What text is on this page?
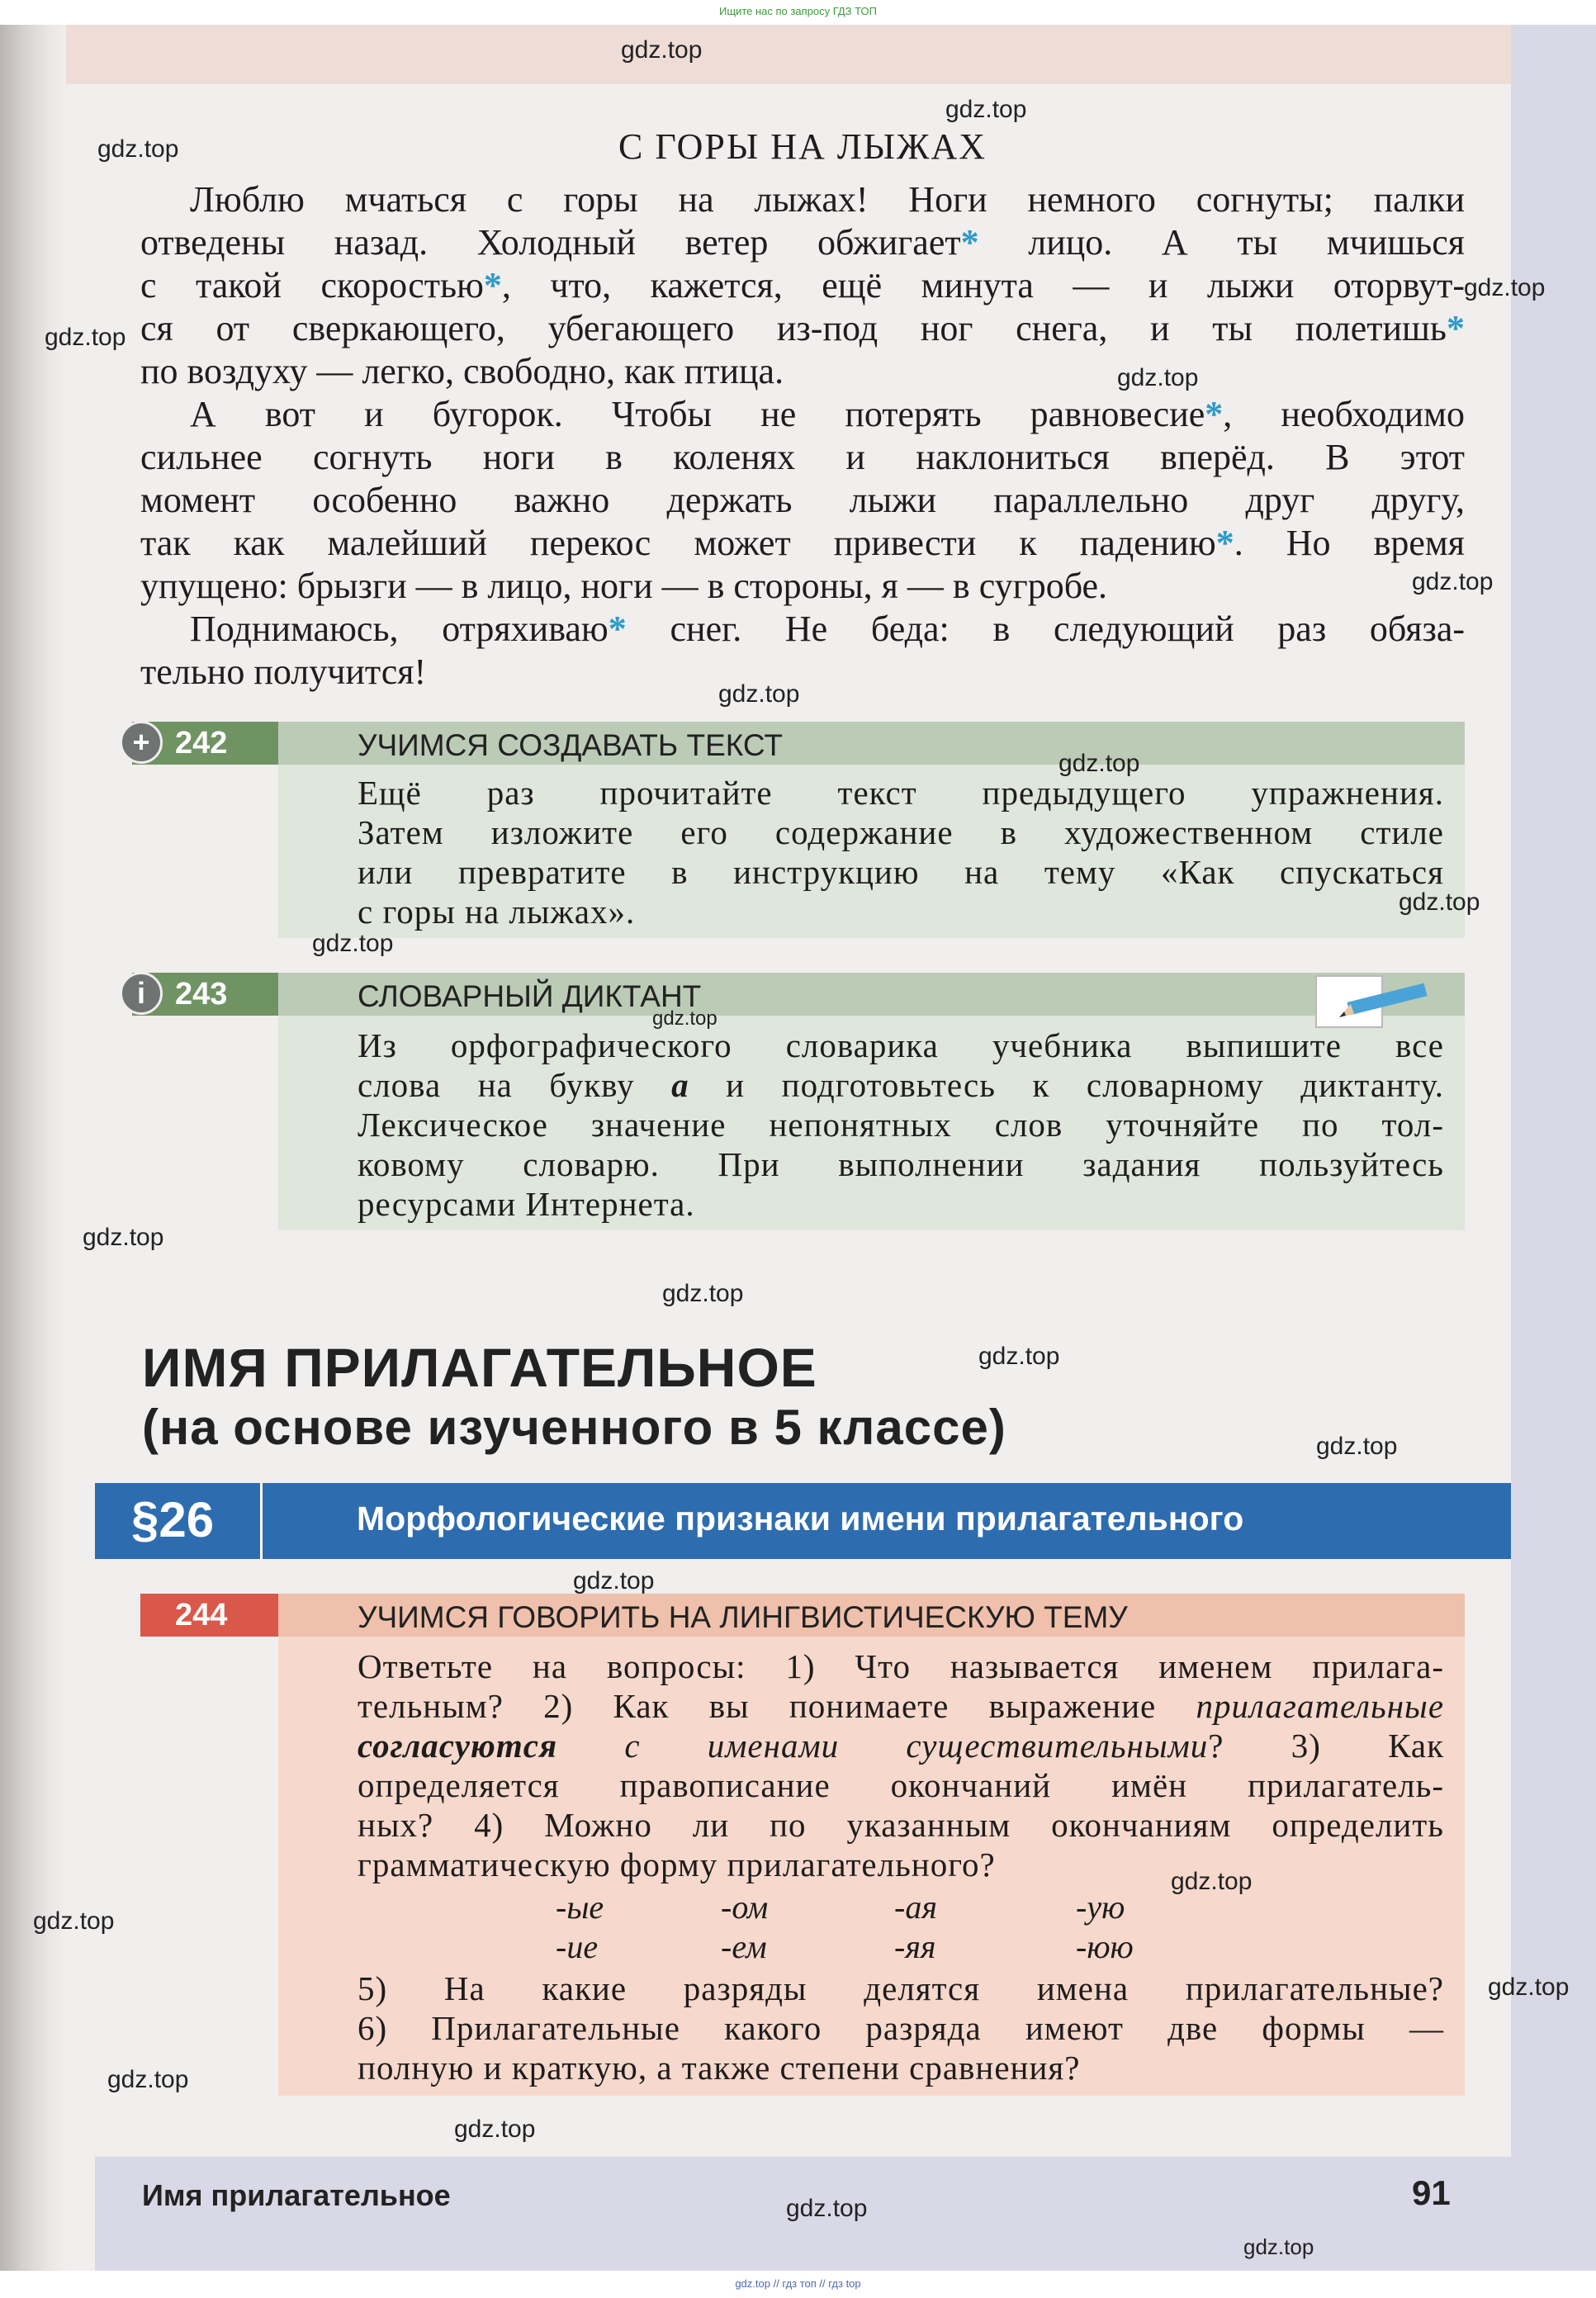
Ищите нас по запросу ГДЗ ТОП
С ГОРЫ НА ЛЫЖАХ

Люблю мчаться с горы на лыжах! Ноги немного согнуты; палки

отведены назад. Холодный ветер обжигает* лицо. А ты мчишься

с такой скоростью*, что, кажется, ещё минута — и лыжи оторвут-

ся от сверкающего, убегающего из-под ног снега, и ты полетишь*

по воздуху — легко, свободно, как птица.

А вот и бугорок. Чтобы не потерять равновесие*, необходимо

сильнее согнуть ноги в коленях и наклониться вперёд. В этот

момент особенно важно держать лыжи параллельно друг другу,

так как малейший перекос может привести к падению*. Но время

упущено: брызги — в лицо, ноги — в стороны, я — в сугробе.

Поднимаюсь, отряхиваю* снег. Не беда: в следующий раз обяза-

тельно получится!

УЧИМСЯ СОЗДАВАТЬ ТЕКСТ
242
+

Ещё раз прочитайте текст предыдущего упражнения.

Затем изложите его содержание в художественном стиле

или превратите в инструкцию на тему «Как спускаться

с горы на лыжах».

СЛОВАРНЫЙ ДИКТАНТ
243
i

Из орфографического словарика учебника выпишите все

слова на букву а и подготовьтесь к словарному диктанту.

Лексическое значение непонятных слов уточняйте по тол-

ковому словарю. При выполнении задания пользуйтесь

ресурсами Интернета.

ИМЯ ПРИЛАГАТЕЛЬНОЕ
(на основе изученного в 5 классе)
§26	Морфологические признаки имени прилагательного
УЧИМСЯ ГОВОРИТЬ НА ЛИНГВИСТИЧЕСКУЮ ТЕМУ
244

Ответьте на вопросы: 1) Что называется именем прилага-

тельным? 2) Как вы понимаете выражение прилагательные

согласуются с именами существительными? 3) Как

определяется правописание окончаний имён прилагатель-

ных? 4) Можно ли по указанным окончаниям определить

грамматическую форму прилагательного?

-ые	-ом	-ая	-ую
-ие	-ем	-яя	-юю

5) На какие разряды делятся имена прилагательные?

6) Прилагательные какого разряда имеют две формы —

полную и краткую, а также степени сравнения?

Имя прилагательное	91
gdz.top
gdz.top
gdz.top
gdz.top
gdz.top
gdz.top
gdz.top
gdz.top
gdz.top
gdz.top
gdz.top
gdz.top
gdz.top
gdz.top
gdz.top
gdz.top
gdz.top
gdz.top
gdz.top
gdz.top
gdz.top
gdz.top
gdz.top
gdz.top
gdz.top // гдз топ // гдз top
